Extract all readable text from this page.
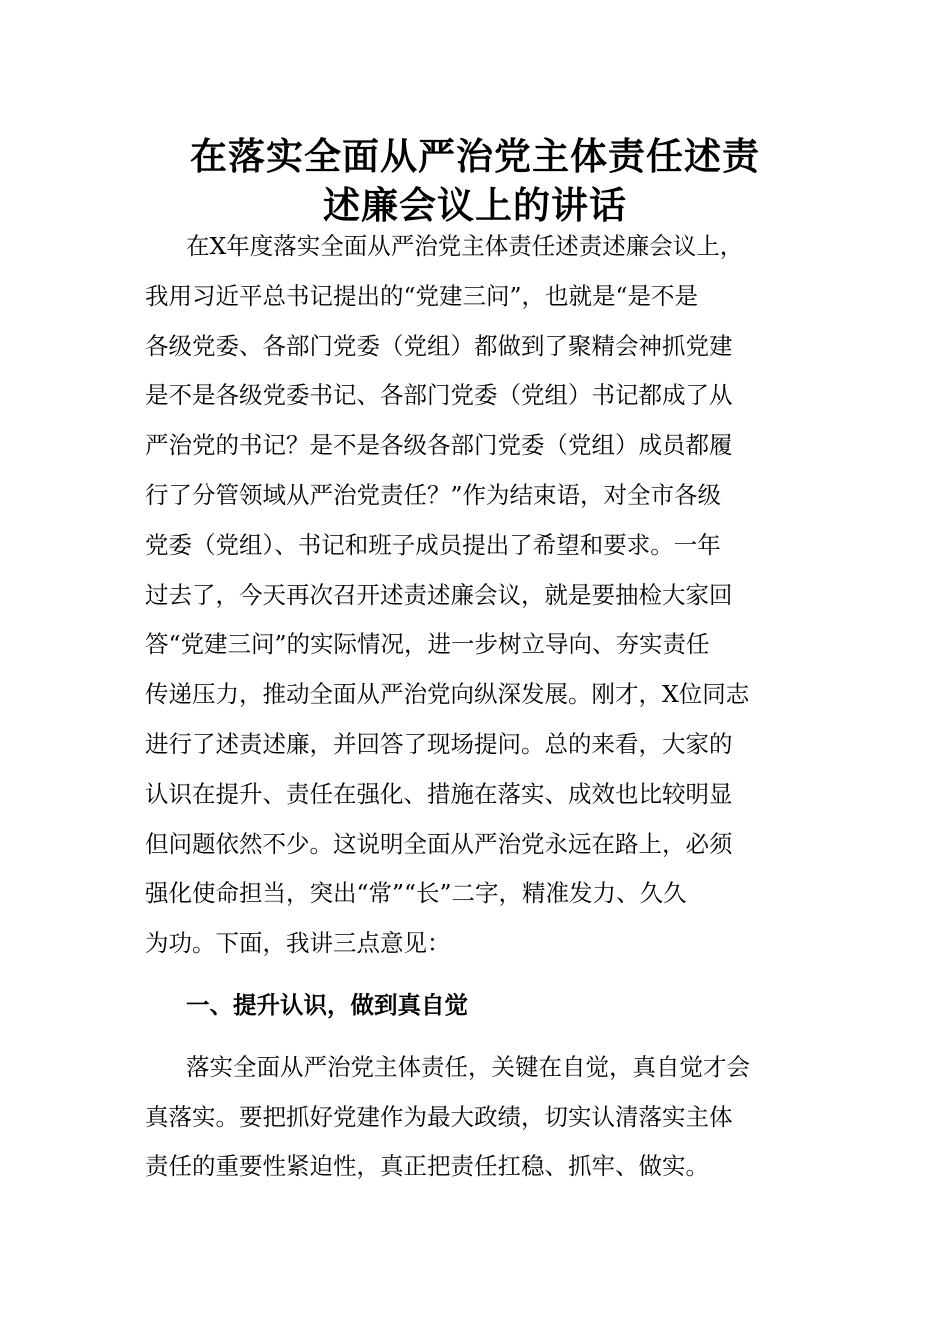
在落实全面从严治党主体责任述责
述廉会议上的讲话
在X年度落实全面从严治党主体责任述责述廉会议上，
我用习近平总书记提出的“党建三问”，也就是“是不是
各级党委、各部门党委（党组）都做到了聚精会神抓党建
是不是各级党委书记、各部门党委（党组）书记都成了从
严治党的书记？是不是各级各部门党委（党组）成员都履
行了分管领域从严治党责任？”作为结束语，对全市各级
党委（党组）、书记和班子成员提出了希望和要求。一年
过去了，今天再次召开述责述廉会议，就是要抽检大家回
答“党建三问”的实际情况，进一步树立导向、夯实责任
传递压力，推动全面从严治党向纵深发展。刚才，X位同志
进行了述责述廉，并回答了现场提问。总的来看，大家的
认识在提升、责任在强化、措施在落实、成效也比较明显
但问题依然不少。这说明全面从严治党永远在路上，必须
强化使命担当，突出“常”“长”二字，精准发力、久久
为功。下面，我讲三点意见：
一、提升认识，做到真自觉
落实全面从严治党主体责任，关键在自觉，真自觉才会
真落实。要把抓好党建作为最大政绩，切实认清落实主体
责任的重要性紧迫性，真正把责任扛稳、抓牢、做实。
